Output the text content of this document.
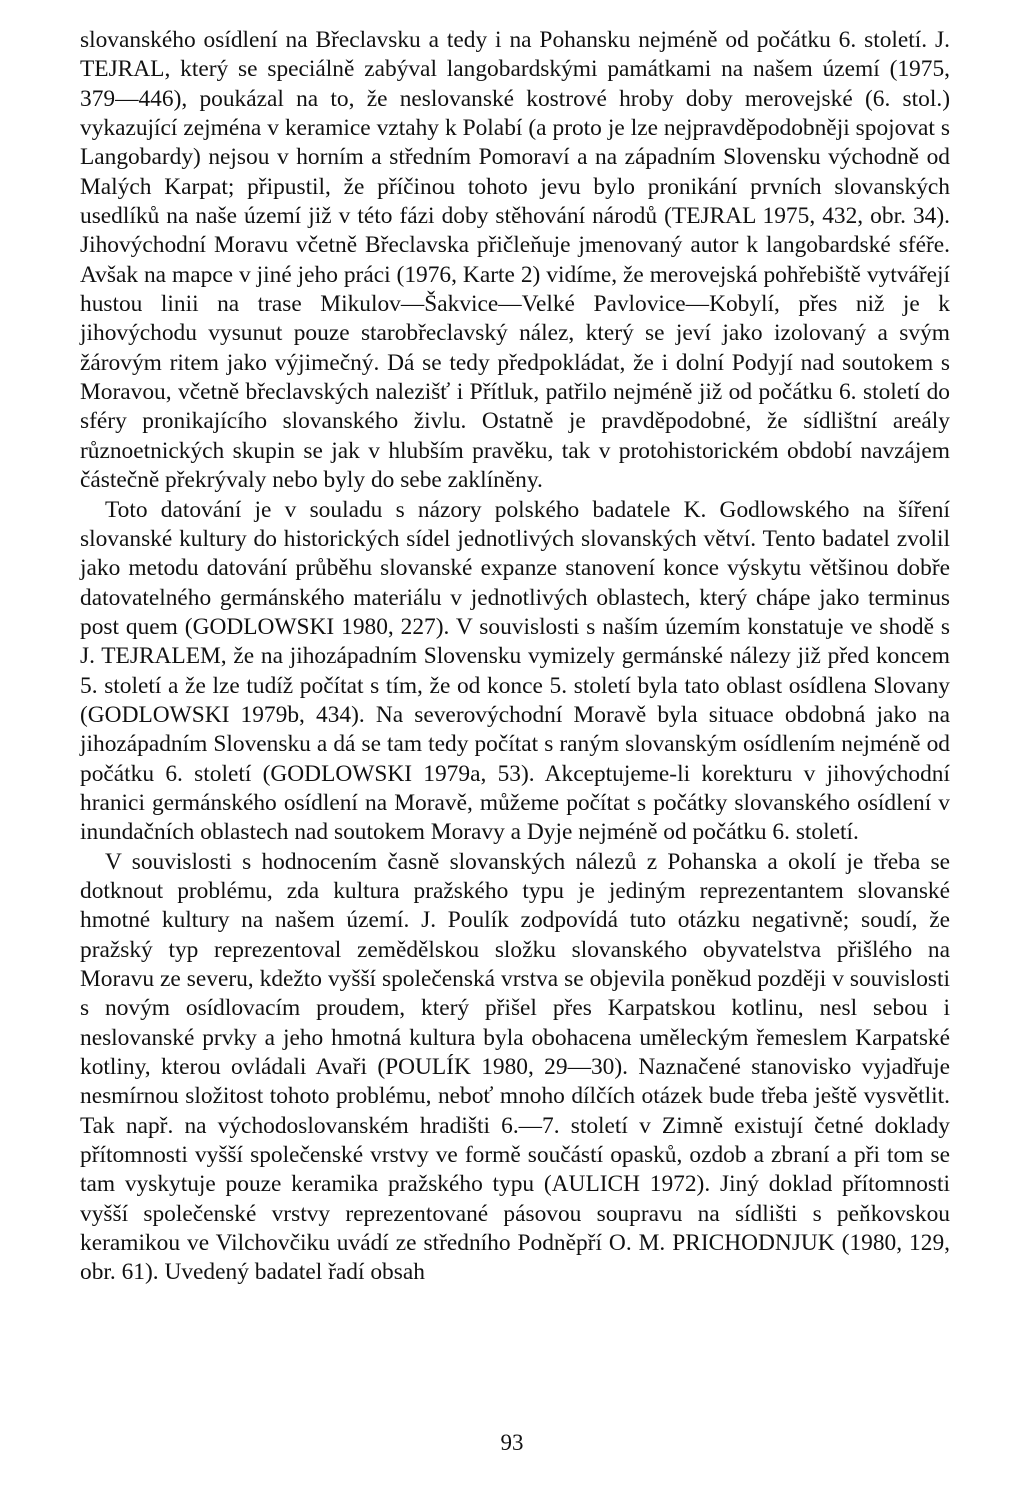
slovanského osídlení na Břeclavsku a tedy i na Pohansku nejméně od počátku 6. století. J. TEJRAL, který se speciálně zabýval langobardskými památkami na našem území (1975, 379—446), poukázal na to, že neslovanské kostrové hroby doby merovejské (6. stol.) vykazující zejména v keramice vztahy k Polabí (a proto je lze nejpravděpodobněji spojovat s Langobardy) nejsou v horním a středním Pomoraví a na západním Slovensku východně od Malých Karpat; připustil, že příčinou tohoto jevu bylo pronikání prvních slovanských usedlíků na naše území již v této fázi doby stěhování národů (TEJRAL 1975, 432, obr. 34). Jihovýchodní Moravu včetně Břeclavska přičleňuje jmenovaný autor k langobardské sféře. Avšak na mapce v jiné jeho práci (1976, Karte 2) vidíme, že merovejská pohřebiště vytvářejí hustou linii na trase Mikulov—Šakvice—Velké Pavlovice—Kobylí, přes niž je k jihovýchodu vysunut pouze starobřeclavský nález, který se jeví jako izolovaný a svým žárovým ritem jako výjimečný. Dá se tedy předpokládat, že i dolní Podyjí nad soutokem s Moravou, včetně břeclavských nalezišť i Přítluk, patřilo nejméně již od počátku 6. století do sféry pronikajícího slovanského živlu. Ostatně je pravděpodobné, že sídlištní areály různoetnických skupin se jak v hlubším pravěku, tak v protohistorickém období navzájem částečně překrývaly nebo byly do sebe zaklíněny.

Toto datování je v souladu s názory polského badatele K. Godlowského na šíření slovanské kultury do historických sídel jednotlivých slovanských větví. Tento badatel zvolil jako metodu datování průběhu slovanské expanze stanovení konce výskytu většinou dobře datovatelného germánského materiálu v jednotlivých oblastech, který chápe jako terminus post quem (GODLOWSKI 1980, 227). V souvislosti s naším územím konstatuje ve shodě s J. TEJRALEM, že na jihozápadním Slovensku vymizely germánské nálezy již před koncem 5. století a že lze tudíž počítat s tím, že od konce 5. století byla tato oblast osídlena Slovany (GODLOWSKI 1979b, 434). Na severovýchodní Moravě byla situace obdobná jako na jihozápadním Slovensku a dá se tam tedy počítat s raným slovanským osídlením nejméně od počátku 6. století (GODLOWSKI 1979a, 53). Akceptujeme-li korekturu v jihovýchodní hranici germánského osídlení na Moravě, můžeme počítat s počátky slovanského osídlení v inundačních oblastech nad soutokem Moravy a Dyje nejméně od počátku 6. století.

V souvislosti s hodnocením časně slovanských nálezů z Pohanska a okolí je třeba se dotknout problému, zda kultura pražského typu je jediným reprezentantem slovanské hmotné kultury na našem území. J. Poulík zodpovídá tuto otázku negativně; soudí, že pražský typ reprezentoval zemědělskou složku slovanského obyvatelstva přišlého na Moravu ze severu, kdežto vyšší společenská vrstva se objevila poněkud později v souvislosti s novým osídlovacím proudem, který přišel přes Karpatskou kotlinu, nesl sebou i neslovanské prvky a jeho hmotná kultura byla obohacena uměleckým řemeslem Karpatské kotliny, kterou ovládali Avaři (POULÍK 1980, 29—30). Naznačené stanovisko vyjadřuje nesmírnou složitost tohoto problému, neboť mnoho dílčích otázek bude třeba ještě vysvětlit. Tak např. na východoslovanském hradišti 6.—7. století v Zimně existují četné doklady přítomnosti vyšší společenské vrstvy ve formě součástí opasků, ozdob a zbraní a při tom se tam vyskytuje pouze keramika pražského typu (AULICH 1972). Jiný doklad přítomnosti vyšší společenské vrstvy reprezentované pásovou soupravu na sídlišti s peňkovskou keramikou ve Vilchovčiku uvádí ze středního Podněpří O. M. PRICHODNJUK (1980, 129, obr. 61). Uvedený badatel řadí obsah

93
